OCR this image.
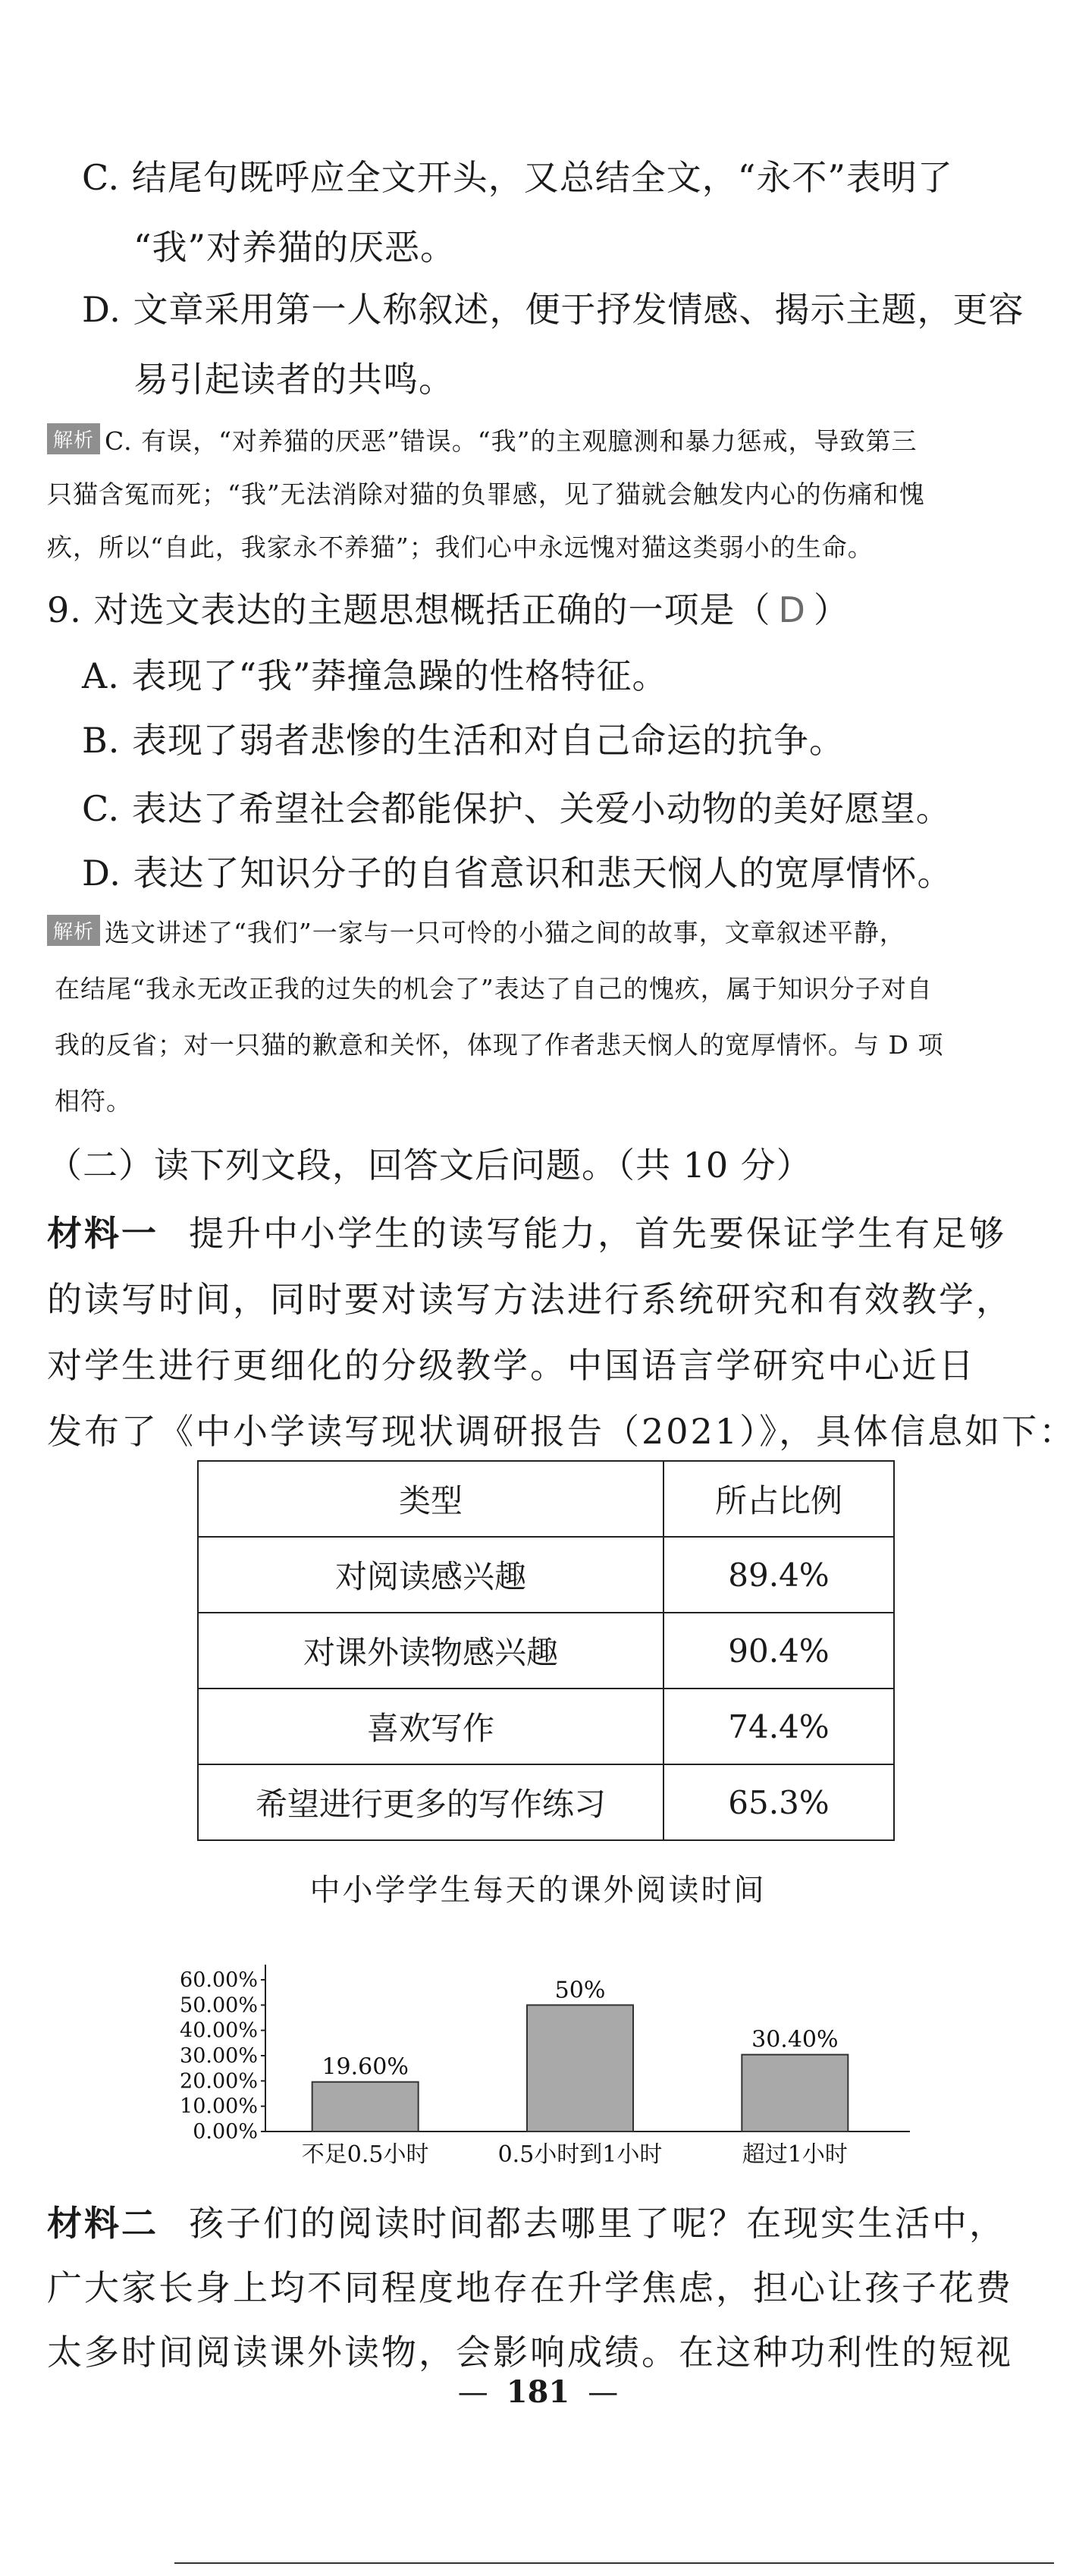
C. 结尾句既呼应全文开头，又总结全文，“永不”表明了
“我”对养猫的厌恶。
D. 文章采用第一人称叙述，便于抒发情感、揭示主题，更容
易引起读者的共鸣。
解析 C. 有误，“对养猫的厌恶”错误。“我”的主观臆测和暴力惩戒，导致第三
只猫含冤而死；“我”无法消除对猫的负罪感，见了猫就会触发内心的伤痛和愧
疚，所以“自此，我家永不养猫”；我们心中永远愧对猫这类弱小的生命。
9. 对选文表达的主题思想概括正确的一项是（ D ）
A. 表现了“我”莽撞急躁的性格特征。
B. 表现了弱者悲惨的生活和对自己命运的抗争。
C. 表达了希望社会都能保护、关爱小动物的美好愿望。
D. 表达了知识分子的自省意识和悲天悯人的宽厚情怀。
解析 选文讲述了“我们”一家与一只可怜的小猫之间的故事，文章叙述平静，
在结尾“我永无改正我的过失的机会了”表达了自己的愧疚，属于知识分子对自
我的反省；对一只猫的歉意和关怀，体现了作者悲天悯人的宽厚情怀。与 D 项
相符。
（二）读下列文段，回答文后问题。（共 10 分）
材料一 提升中小学生的读写能力，首先要保证学生有足够
的读写时间，同时要对读写方法进行系统研究和有效教学，
对学生进行更细化的分级教学。中国语言学研究中心近日
发布了《中小学读写现状调研报告（2021）》，具体信息如下：
类型	所占比例
对阅读感兴趣	89.4%
对课外读物感兴趣	90.4%
喜欢写作	74.4%
希望进行更多的写作练习	65.3%
中小学学生每天的课外阅读时间
0.00%
10.00%
20.00%
30.00%
40.00%
50.00%
60.00%
19.60%
不足0.5小时
50%
0.5小时到1小时
30.40%
超过1小时
材料二 孩子们的阅读时间都去哪里了呢？在现实生活中，
广大家长身上均不同程度地存在升学焦虑，担心让孩子花费
太多时间阅读课外读物，会影响成绩。在这种功利性的短视
— 181 —
